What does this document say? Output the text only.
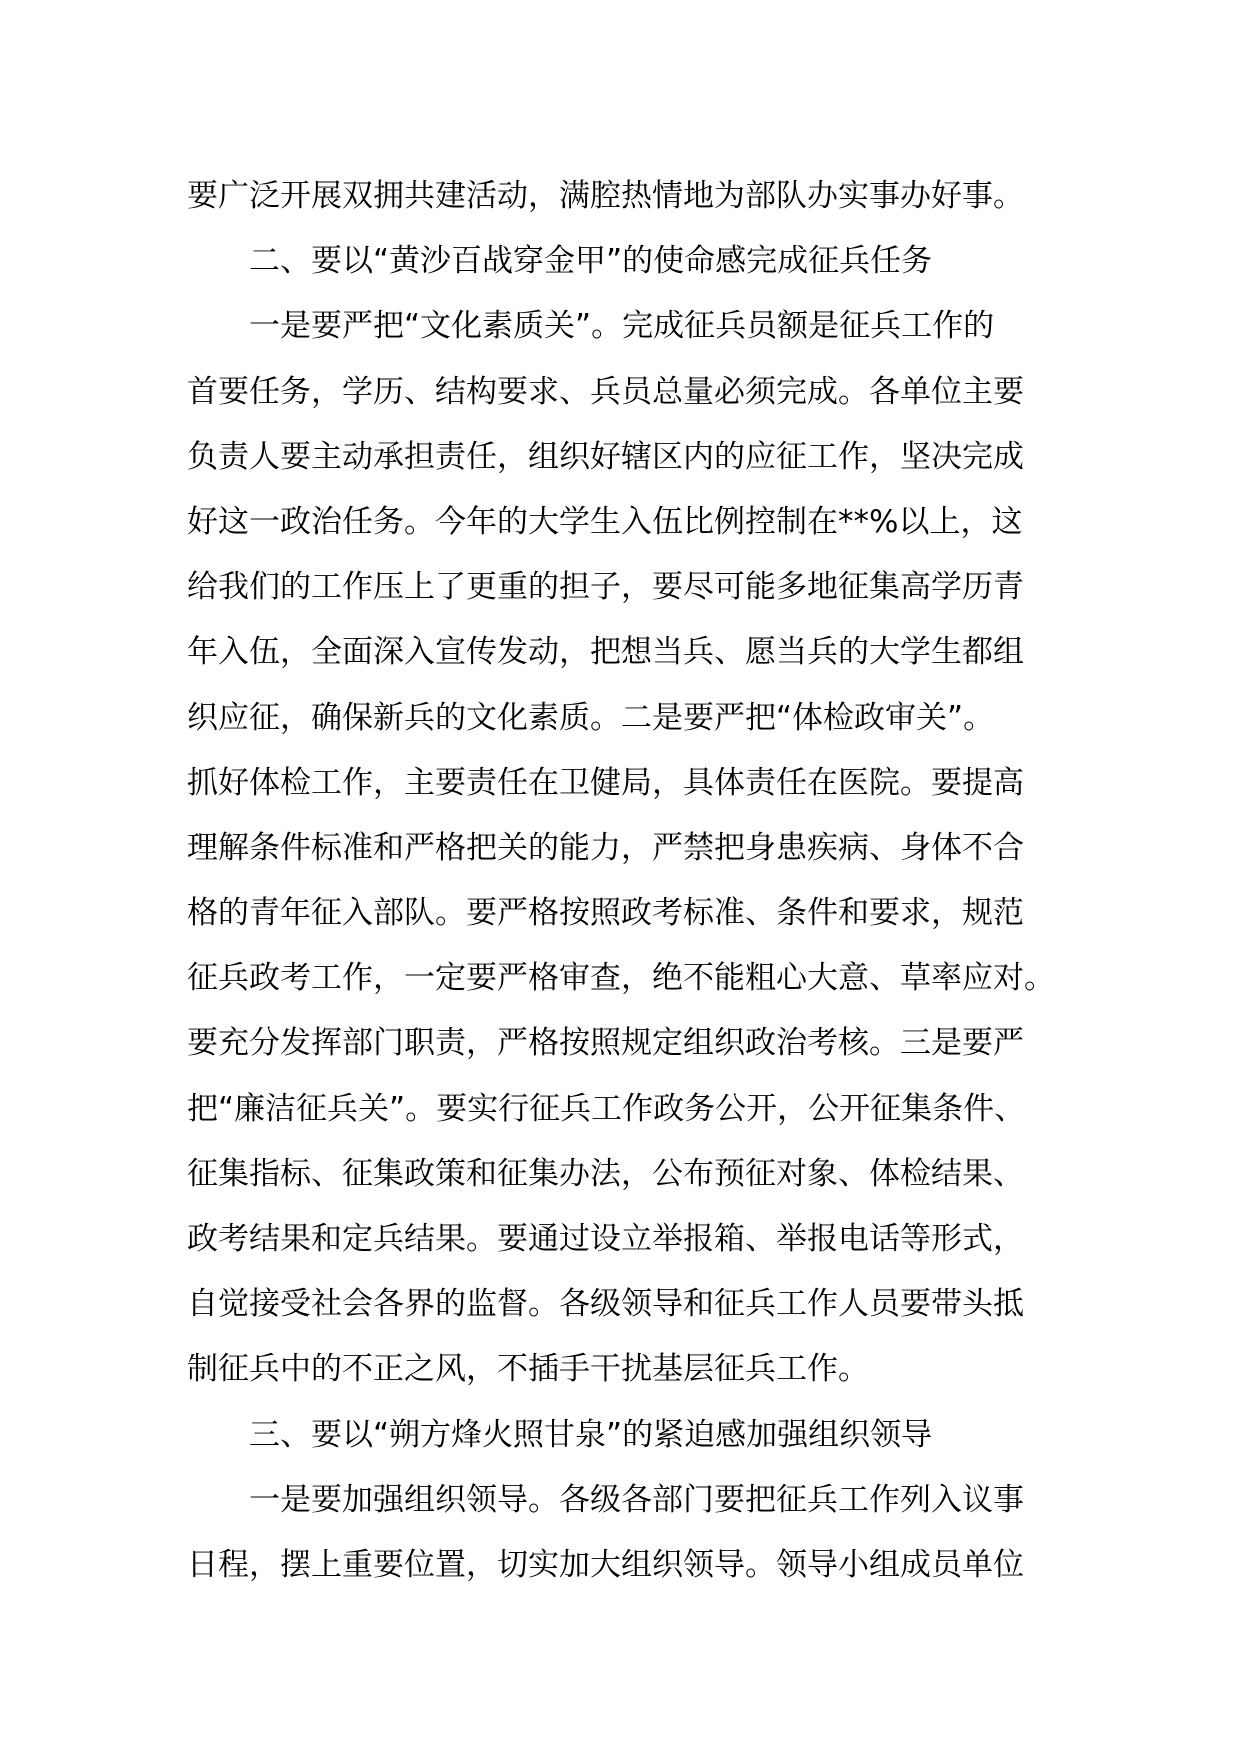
要广泛开展双拥共建活动，满腔热情地为部队办实事办好事。
二、要以“黄沙百战穿金甲”的使命感完成征兵任务
一是要严把“文化素质关”。完成征兵员额是征兵工作的
首要任务，学历、结构要求、兵员总量必须完成。各单位主要
负责人要主动承担责任，组织好辖区内的应征工作，坚决完成
好这一政治任务。今年的大学生入伍比例控制在**%以上，这
给我们的工作压上了更重的担子，要尽可能多地征集高学历青
年入伍，全面深入宣传发动，把想当兵、愿当兵的大学生都组
织应征，确保新兵的文化素质。二是要严把“体检政审关”。
抓好体检工作，主要责任在卫健局，具体责任在医院。要提高
理解条件标准和严格把关的能力，严禁把身患疾病、身体不合
格的青年征入部队。要严格按照政考标准、条件和要求，规范
征兵政考工作，一定要严格审查，绝不能粗心大意、草率应对。
要充分发挥部门职责，严格按照规定组织政治考核。三是要严
把“廉洁征兵关”。要实行征兵工作政务公开，公开征集条件、
征集指标、征集政策和征集办法，公布预征对象、体检结果、
政考结果和定兵结果。要通过设立举报箱、举报电话等形式，
自觉接受社会各界的监督。各级领导和征兵工作人员要带头抵
制征兵中的不正之风，不插手干扰基层征兵工作。
三、要以“朔方烽火照甘泉”的紧迫感加强组织领导
一是要加强组织领导。各级各部门要把征兵工作列入议事
日程，摆上重要位置，切实加大组织领导。领导小组成员单位
